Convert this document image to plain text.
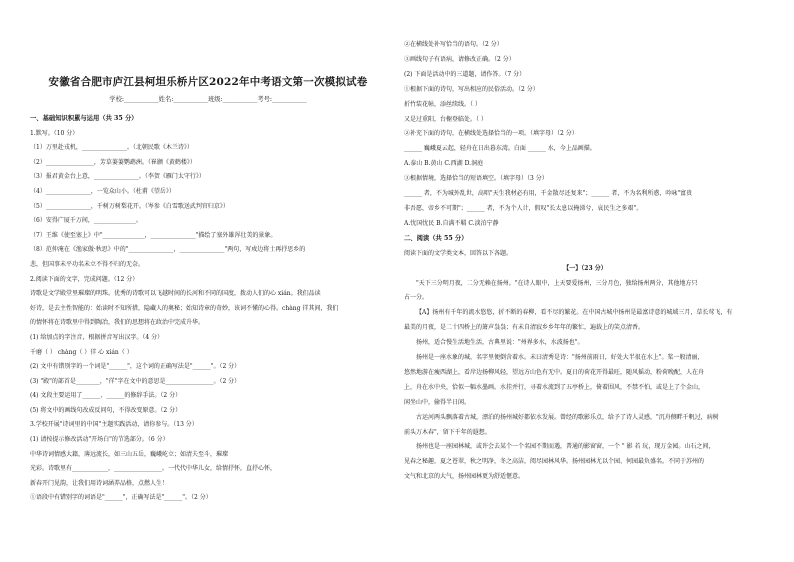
安徽省合肥市庐江县柯坦乐桥片区2022年中考语文第一次模拟试卷
学校:___________姓名:___________班级:___________考号:___________
一、基础知识积累与运用（共 35 分）
1.默写。（10 分）
（1）万里赴戎机，_______________。（北朝民歌《木兰诗》）
（2）________________，芳草萋萋鹦鹉洲。（崔颢《黄鹤楼》）
（3）报君黄金台上意，_______________。（李贺《雁门太守行》）
（4）_______________，一览众山小。（杜甫《望岳》）
（5）_______________，千树万树梨花开。（岑参《白雪歌送武判官归京》）
（6）安得广厦千万间，______________。
（7）王维《使至塞上》中"______________，_______________"描绘了塞外雄浑壮美的景象。
（8）范仲淹在《渔家傲·秋思》中的"_______________，_______________"两句，写戍边将士再抒思乡的
悲，但国事未平功名未立不得不归的无奈。
2.阅读下面的文字，完成问题。（12 分）
诗歌是文学殿堂里璀璨的明珠。优秀的诗歌可以飞越时间的长河和不同的国度，拨动人们的心 xián。我们品读
好诗，是去主性智能的：始读时不知所措，隐藏人的奥秘；始知诗章的奇妙，该词不懂的心得。chàng 徉其间，我们
的情怀将在诗歌里中得到陶冶，我们的思想将在政治中完成升华。
(1) 给加点的字注音，根据拼音写出汉字。（4 分）
千磨（ ） chàng（ ）徉 心 xián（ ）
(2) 文中有错别字的一个词是"______"，这个词的正确写法是"______"。（2 分）
(3) "殿"的部首是________，"徉"字在文中的意思是________________。（2 分）
(4) 文段主要运用了______、______的修辞手法。（2 分）
(5) 将文中的画线句改成反问句，不得改变原意。（2 分）
3.学校开展"诗词里的中国"主题实践活动，请你参与。（13 分）
(1) 请按提示修改活动"开场白"的节选部分。（6 分）
中华诗词情感大籍，薄远流长，如三山五岳，巍峨屹立；如清夫至斗，璀璨
光彩。诗歌里有____________，________________。一代代中华儿女，给情抒怀，直抒心怀，
新春开门见韵，让我们用诗词涵养品格，点燃人生！
①语段中有错别字的词语是"______"，正确写法是"______"。（2 分）
②在横线处补写恰当的语句。（2 分）
③画线句子有语病，请修改正确。（2 分）
(2) 下面是活动中的三道题，请作答。（7 分）
①根据下面的诗句，写出相应的民俗活动。（2 分）
折竹装花帖，添丝续线。（ ）
又是过重阳，台榭登临处。（ ）
②补充下面的诗句，在横线处选择恰当的一项。（填字母）（2 分）
______ 巍峨夏云起，轻舟在日出暮东湾。白面 ______ 水，今上品画描。
A.泰山 B.黄山 C.西湖 D.洞庭
③根据情境，选择恰当的短语填空。（填字母）（3 分）
______ 者，不为城外乱世，高唱"天生我材必有用，千金散尽还复来"；______ 者，不为名利所惑，吟咏"富贵
非吾愿，帝乡不可期"；______ 者，不为个人计，假叹"长太息以掩涕兮，哀民生之多艰"。
A.忧国忧民 B.自满不羁 C.淡泊宁静
二、阅读（共 55 分）
阅读下面的文学类文本，回答以下各题。
【一】（23 分）
"天下三分明月夜，二分无赖在扬州。"在诗人眼中，上天要爱扬州，三分月色，独给扬州两分，其他地方只
占一分。
【A】扬州有千年的流水悠悠，折不断的春柳，看不尽的繁花。在中国古城中扬州是最富诗意的城域三月，草长莺飞，有
最美的月夜，是二十四桥上的箫声袅袅；有未自清寂乡乡年年的繁忙，遍载上的笑点清香。
扬州，适合慢生活地生活，古典里说："州界多水，水波扬也"。
扬州是一座水象的城，名字里便倒含着水。未曰清秀是诗："扬州前雨日，好处大半很在水上"。桨一般清丽，
悠然地游在瘦西湖上，看岸边扬柳风轻，望远方山色有无中。夏日的荷花开得最旺，随风摇动，粉荷晚配，人在舟
上，舟在水中央，恰似一幅水墨画。水挂并行，寻着水流到了五亭桥上，倚着围风，不禁不怕，或是上了个金山，
闲坐山中，偷得半日闲。
古运河两头飘落着古城，漂泊的扬州城好都依水发展。曾经的歌影乐点，给予了诗人灵感，"沉舟侧畔千帆过，病树
前头万木春"，留下千年的遐想。
扬州也是一座园林城，或许会去某个一个名园不期而遇，普通的影窗窗，一个 " 影 若 玩，现万金园。山石之间，
见春之秘趣，夏之苍翠，秋之明净，冬之高洁，阅尽园林风华。扬州园林尤以个园、何园最负盛名。不同于苏州的
文气和北京的大气，扬州园林更为舒适惬意。
